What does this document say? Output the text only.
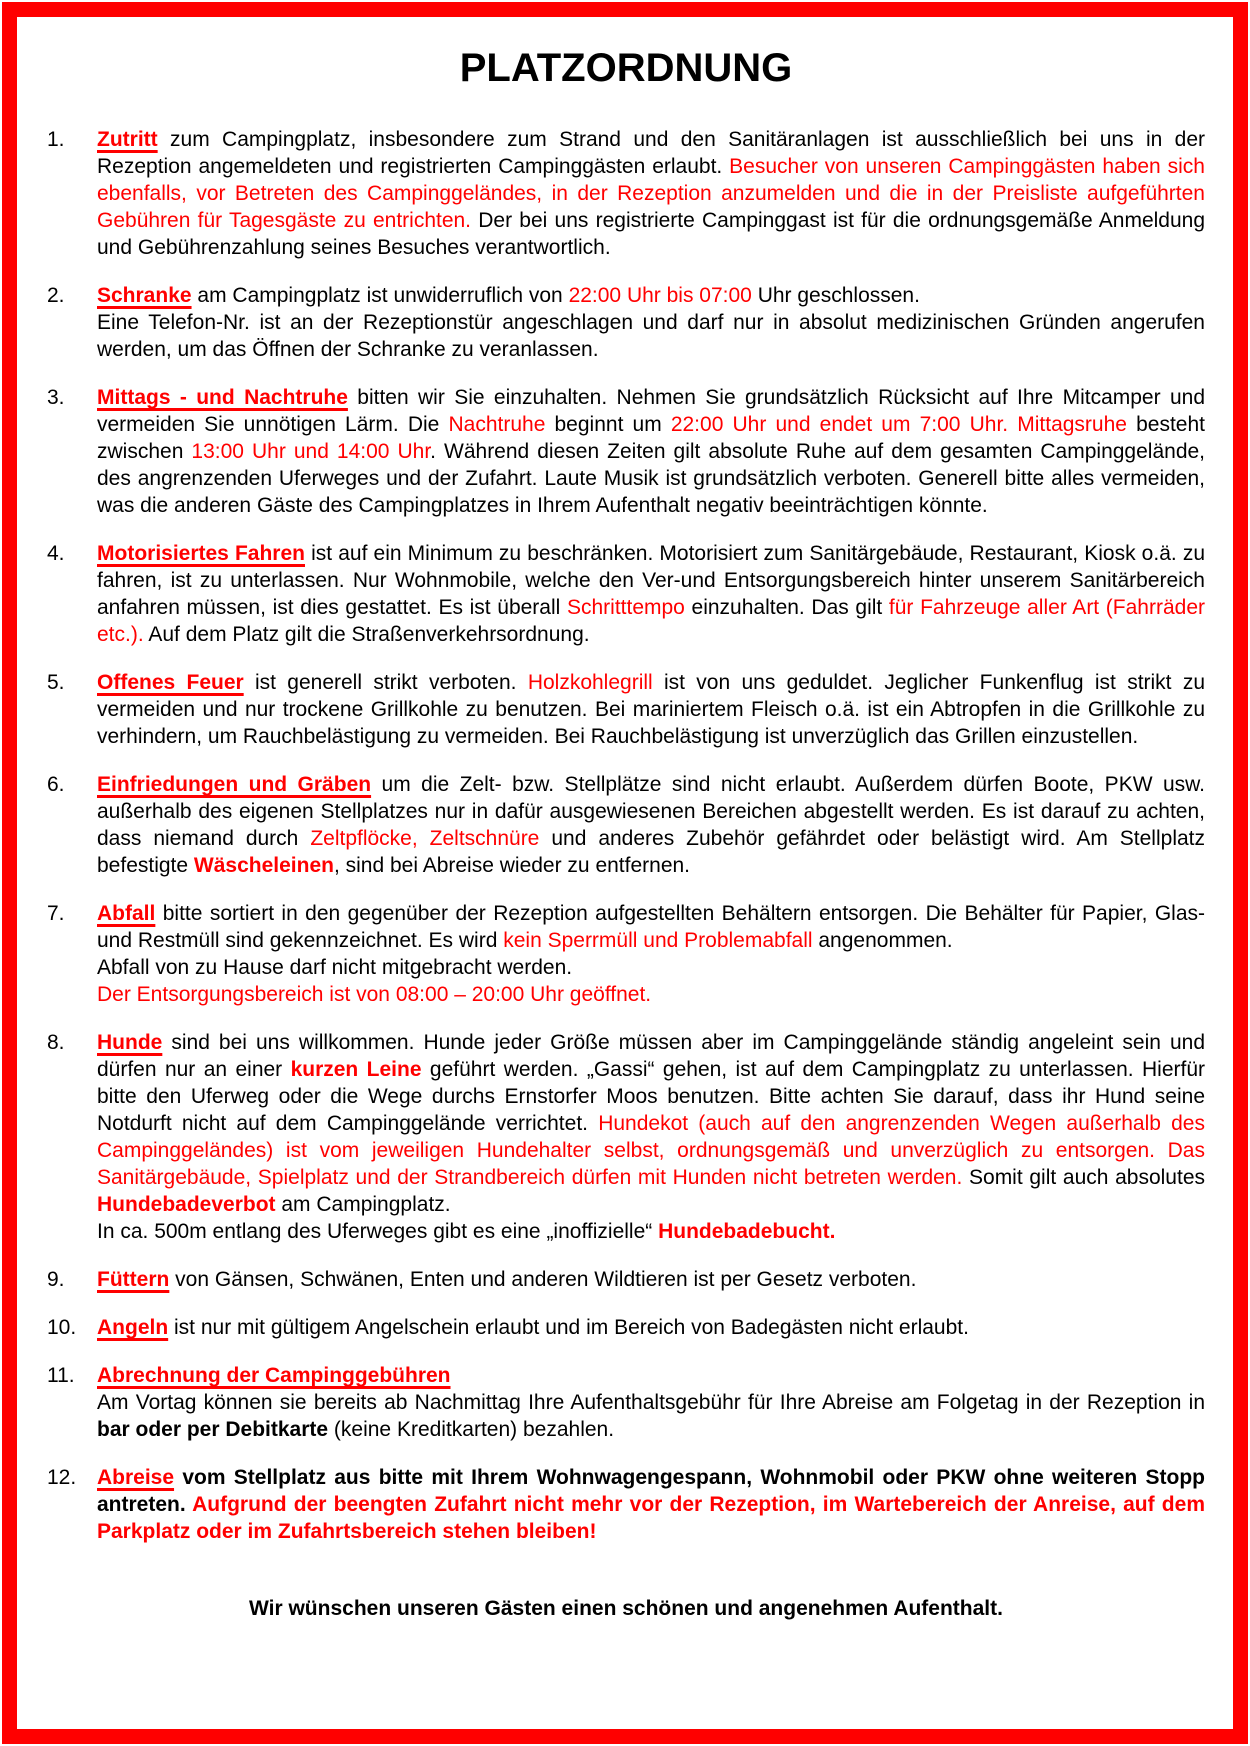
PLATZORDNUNG
1. Zutritt zum Campingplatz, insbesondere zum Strand und den Sanitäranlagen ist ausschließlich bei uns in der Rezeption angemeldeten und registrierten Campinggästen erlaubt. Besucher von unseren Campinggästen haben sich ebenfalls, vor Betreten des Campinggeländes, in der Rezeption anzumelden und die in der Preisliste aufgeführten Gebühren für Tagesgäste zu entrichten. Der bei uns registrierte Campinggast ist für die ordnungsgemäße Anmeldung und Gebührenzahlung seines Besuches verantwortlich.

2. Schranke am Campingplatz ist unwiderruflich von 22:00 Uhr bis 07:00 Uhr geschlossen.

Eine Telefon-Nr. ist an der Rezeptionstür angeschlagen und darf nur in absolut medizinischen Gründen angerufen werden, um das Öffnen der Schranke zu veranlassen.

3. Mittags - und Nachtruhe bitten wir Sie einzuhalten. Nehmen Sie grundsätzlich Rücksicht auf Ihre Mitcamper und vermeiden Sie unnötigen Lärm. Die Nachtruhe beginnt um 22:00 Uhr und endet um 7:00 Uhr. Mittagsruhe besteht zwischen 13:00 Uhr und 14:00 Uhr. Während diesen Zeiten gilt absolute Ruhe auf dem gesamten Campinggelände, des angrenzenden Uferweges und der Zufahrt. Laute Musik ist grundsätzlich verboten. Generell bitte alles vermeiden, was die anderen Gäste des Campingplatzes in Ihrem Aufenthalt negativ beeinträchtigen könnte.

4. Motorisiertes Fahren ist auf ein Minimum zu beschränken. Motorisiert zum Sanitärgebäude, Restaurant, Kiosk o.ä. zu fahren, ist zu unterlassen. Nur Wohnmobile, welche den Ver-und Entsorgungsbereich hinter unserem Sanitärbereich anfahren müssen, ist dies gestattet. Es ist überall Schritttempo einzuhalten. Das gilt für Fahrzeuge aller Art (Fahrräder etc.). Auf dem Platz gilt die Straßenverkehrsordnung.

5. Offenes Feuer ist generell strikt verboten. Holzkohlegrill ist von uns geduldet. Jeglicher Funkenflug ist strikt zu vermeiden und nur trockene Grillkohle zu benutzen. Bei mariniertem Fleisch o.ä. ist ein Abtropfen in die Grillkohle zu verhindern, um Rauchbelästigung zu vermeiden. Bei Rauchbelästigung ist unverzüglich das Grillen einzustellen.

6. Einfriedungen und Gräben um die Zelt- bzw. Stellplätze sind nicht erlaubt. Außerdem dürfen Boote, PKW usw. außerhalb des eigenen Stellplatzes nur in dafür ausgewiesenen Bereichen abgestellt werden. Es ist darauf zu achten, dass niemand durch Zeltpflöcke, Zeltschnüre und anderes Zubehör gefährdet oder belästigt wird. Am Stellplatz befestigte Wäscheleinen, sind bei Abreise wieder zu entfernen.

7. Abfall bitte sortiert in den gegenüber der Rezeption aufgestellten Behältern entsorgen. Die Behälter für Papier, Glas- und Restmüll sind gekennzeichnet. Es wird kein Sperrmüll und Problemabfall angenommen.

Abfall von zu Hause darf nicht mitgebracht werden.

Der Entsorgungsbereich ist von 08:00 – 20:00 Uhr geöffnet.

8. Hunde sind bei uns willkommen. Hunde jeder Größe müssen aber im Campinggelände ständig angeleint sein und dürfen nur an einer kurzen Leine geführt werden. „Gassi“ gehen, ist auf dem Campingplatz zu unterlassen. Hierfür bitte den Uferweg oder die Wege durchs Ernstorfer Moos benutzen. Bitte achten Sie darauf, dass ihr Hund seine Notdurft nicht auf dem Campinggelände verrichtet. Hundekot (auch auf den angrenzenden Wegen außerhalb des Campinggeländes) ist vom jeweiligen Hundehalter selbst, ordnungsgemäß und unverzüglich zu entsorgen. Das Sanitärgebäude, Spielplatz und der Strandbereich dürfen mit Hunden nicht betreten werden. Somit gilt auch absolutes Hundebadeverbot am Campingplatz.

In ca. 500m entlang des Uferweges gibt es eine „inoffizielle“ Hundebadebucht.

9. Füttern von Gänsen, Schwänen, Enten und anderen Wildtieren ist per Gesetz verboten.

10. Angeln ist nur mit gültigem Angelschein erlaubt und im Bereich von Badegästen nicht erlaubt.

11. Abrechnung der Campinggebühren

Am Vortag können sie bereits ab Nachmittag Ihre Aufenthaltsgebühr für Ihre Abreise am Folgetag in der Rezeption in bar oder per Debitkarte (keine Kreditkarten) bezahlen.

12. Abreise vom Stellplatz aus bitte mit Ihrem Wohnwagengespann, Wohnmobil oder PKW ohne weiteren Stopp antreten. Aufgrund der beengten Zufahrt nicht mehr vor der Rezeption, im Wartebereich der Anreise, auf dem Parkplatz oder im Zufahrtsbereich stehen bleiben!

Wir wünschen unseren Gästen einen schönen und angenehmen Aufenthalt.
